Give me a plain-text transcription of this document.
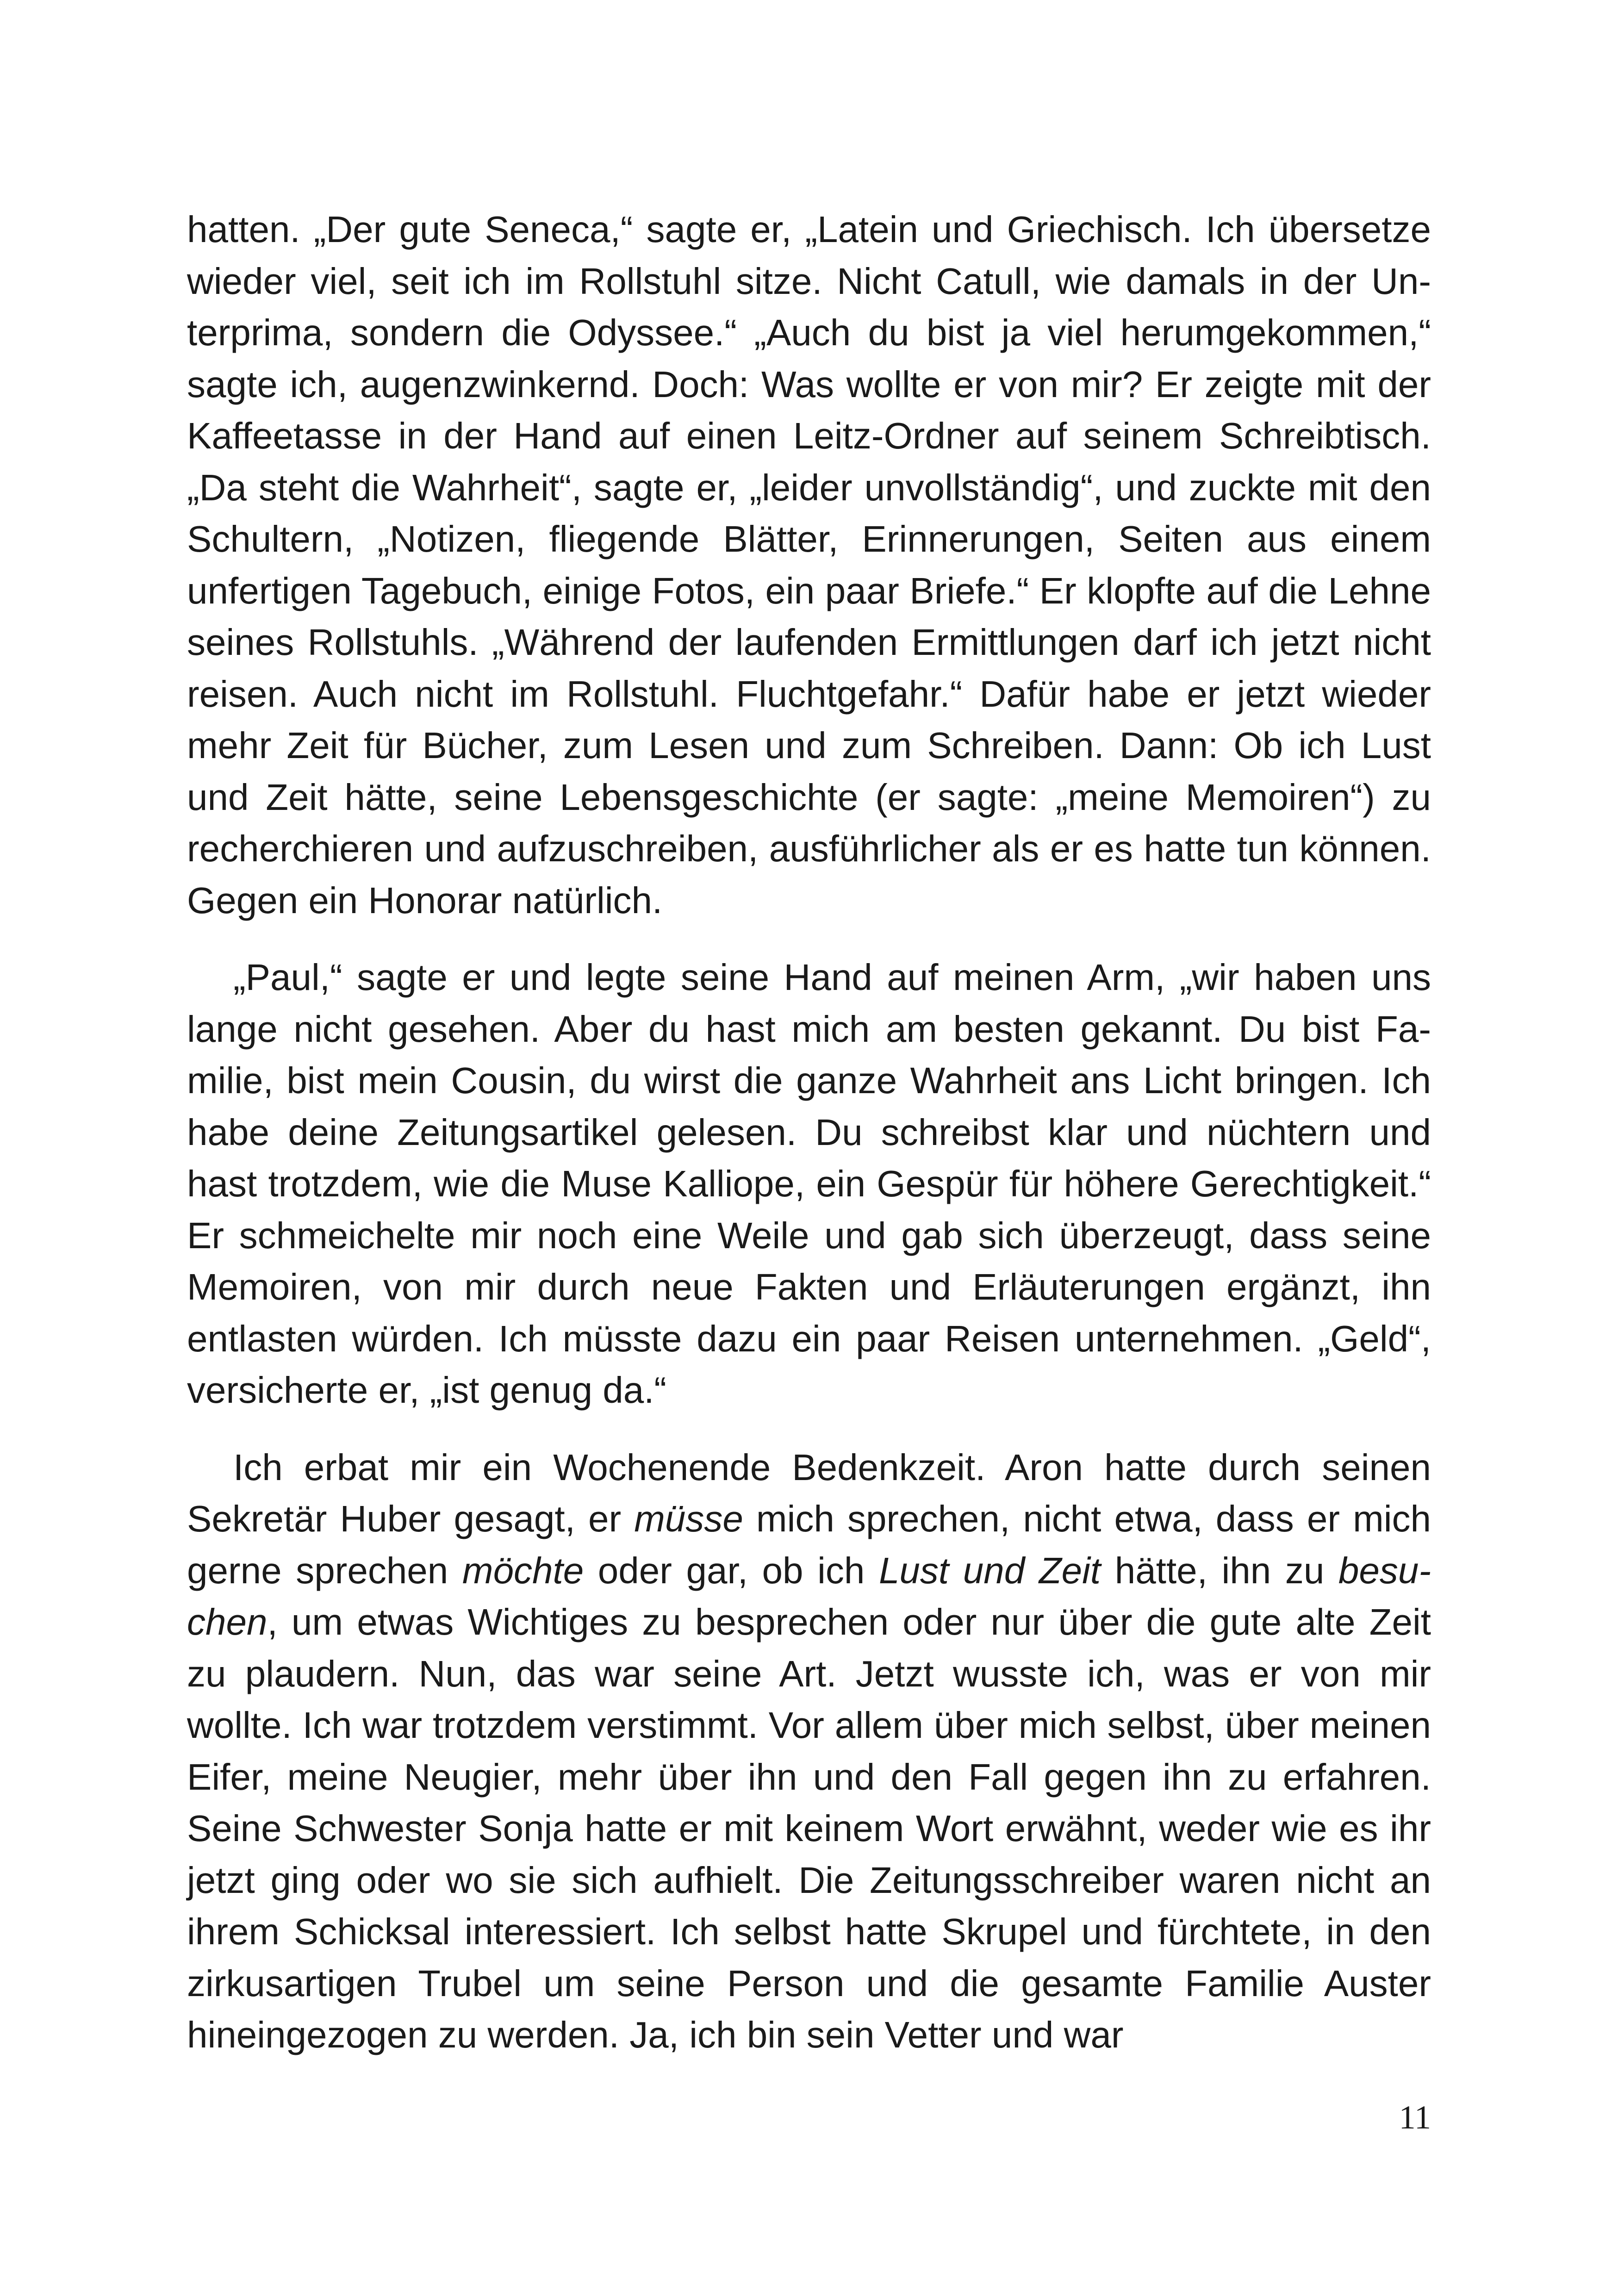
hatten. „Der gute Seneca,“ sagte er, „Latein und Griechisch. Ich übersetze wieder viel, seit ich im Rollstuhl sitze. Nicht Catull, wie damals in der Unterprima, sondern die Odyssee.“ „Auch du bist ja viel herumgekommen,“ sagte ich, augenzwinkernd. Doch: Was wollte er von mir? Er zeigte mit der Kaffeetasse in der Hand auf einen Leitz-Ordner auf seinem Schreibtisch. „Da steht die Wahrheit“, sagte er, „leider unvollständig“, und zuckte mit den Schultern, „Notizen, fliegende Blätter, Erinnerungen, Seiten aus einem unfertigen Tagebuch, einige Fotos, ein paar Briefe.“ Er klopfte auf die Lehne seines Rollstuhls. „Während der laufenden Ermittlungen darf ich jetzt nicht reisen. Auch nicht im Rollstuhl. Fluchtgefahr.“ Dafür habe er jetzt wieder mehr Zeit für Bücher, zum Lesen und zum Schreiben. Dann: Ob ich Lust und Zeit hätte, seine Lebensgeschichte (er sagte: „meine Memoiren“) zu recherchieren und aufzuschreiben, ausführlicher als er es hatte tun können. Gegen ein Honorar natürlich.

„Paul,“ sagte er und legte seine Hand auf meinen Arm, „wir haben uns lange nicht gesehen. Aber du hast mich am besten gekannt. Du bist Familie, bist mein Cousin, du wirst die ganze Wahrheit ans Licht bringen. Ich habe deine Zeitungsartikel gelesen. Du schreibst klar und nüchtern und hast trotzdem, wie die Muse Kalliope, ein Gespür für höhere Gerechtigkeit.“ Er schmeichelte mir noch eine Weile und gab sich überzeugt, dass seine Memoiren, von mir durch neue Fakten und Erläuterungen ergänzt, ihn entlasten würden. Ich müsste dazu ein paar Reisen unternehmen. „Geld“, versicherte er, „ist genug da.“

Ich erbat mir ein Wochenende Bedenkzeit. Aron hatte durch seinen Sekretär Huber gesagt, er müsse mich sprechen, nicht etwa, dass er mich gerne sprechen möchte oder gar, ob ich Lust und Zeit hätte, ihn zu besuchen, um etwas Wichtiges zu besprechen oder nur über die gute alte Zeit zu plaudern. Nun, das war seine Art. Jetzt wusste ich, was er von mir wollte. Ich war trotzdem verstimmt. Vor allem über mich selbst, über meinen Eifer, meine Neugier, mehr über ihn und den Fall gegen ihn zu erfahren. Seine Schwester Sonja hatte er mit keinem Wort erwähnt, weder wie es ihr jetzt ging oder wo sie sich aufhielt. Die Zeitungsschreiber waren nicht an ihrem Schicksal interessiert. Ich selbst hatte Skrupel und fürchtete, in den zirkusartigen Trubel um seine Person und die gesamte Familie Auster hineingezogen zu werden. Ja, ich bin sein Vetter und war

11
